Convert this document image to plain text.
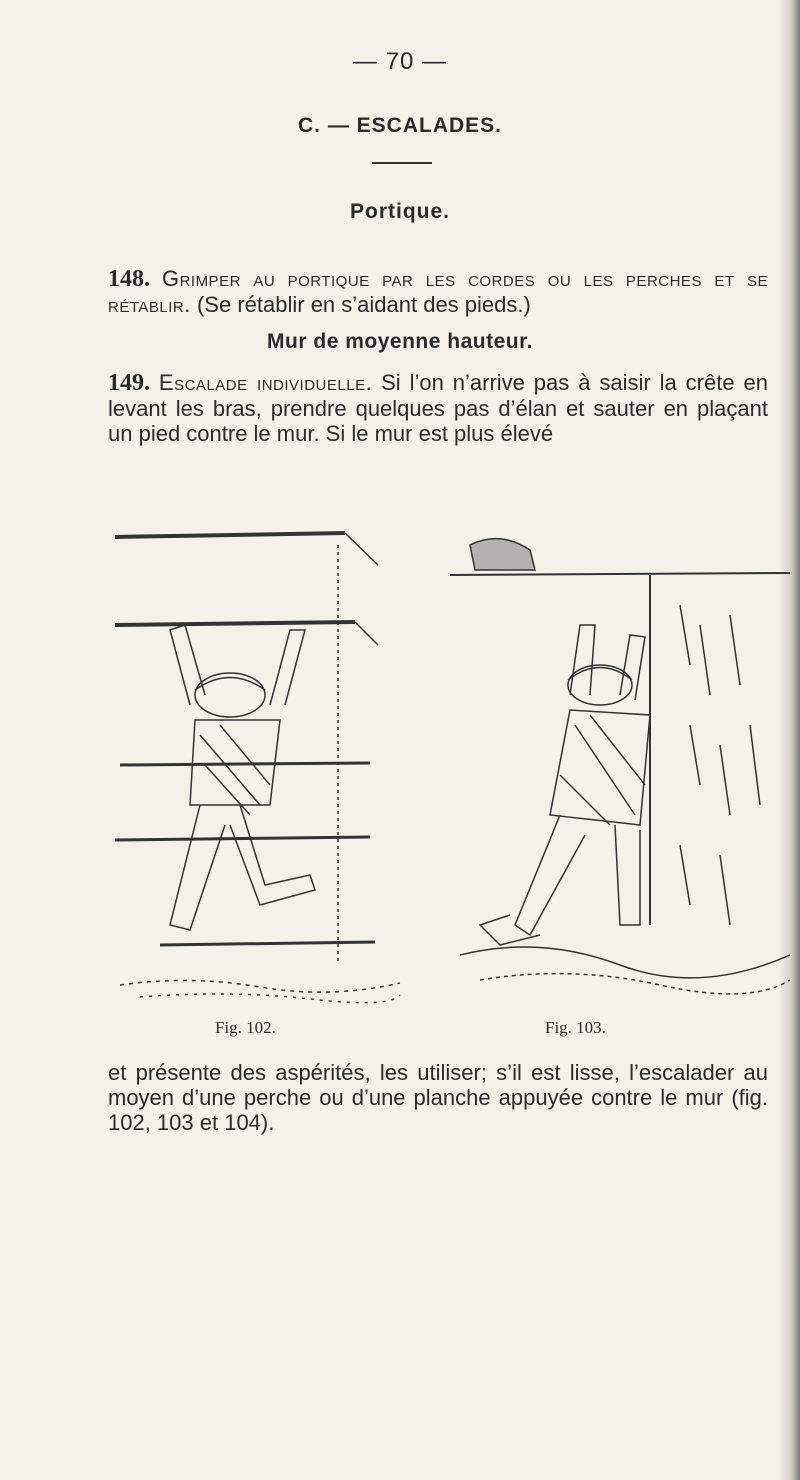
— 70 —
C. — ESCALADES.
Portique.
148. Grimper au portique par les cordes ou les perches et se rétablir. (Se rétablir en s’aidant des pieds.)
Mur de moyenne hauteur.
149. Escalade individuelle. Si l’on n’arrive pas à saisir la crête en levant les bras, prendre quelques pas d’élan et sauter en plaçant un pied contre le mur. Si le mur est plus élevé
Fig. 102.	Fig. 103.
et présente des aspérités, les utiliser; s’il est lisse, l’escalader au moyen d’une perche ou d’une planche appuyée contre le mur (fig. 102, 103 et 104).
